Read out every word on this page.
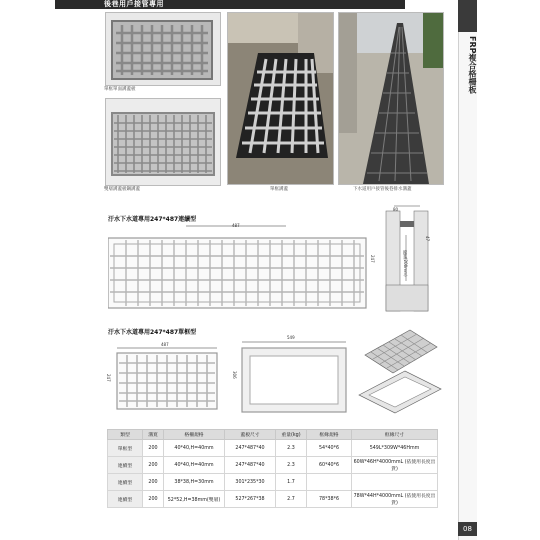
後巷用戶接管專用
FRP複合格柵板
08
單框單面溝蓋板
雙層溝蓋板鋼溝蓋	單框溝蓋	下水道用戶接管後巷排水溝蓋
汙水下水道專用247*487連續型
487
80
47
247	總寬(200mm)
汙水下水道專用247*487單框型
487
247
549
306
類型	溝寬	格柵規格	蓋板尺寸	重量(kg)	框緣規格	框緣尺寸
單框型	200	40*40,H=40mm	247*487*40	2.3	54*40*6	549L*309W*46Hmm
連續型	200	40*40,H=40mm	247*487*40	2.3	60*40*6	60W*46H*4000mmL (依使用長度出貨)
連續型	200	38*38,H=30mm	301*235*30	1.7		
連續型	200	52*52,H=38mm(雙層)	527*267*38	2.7	78*38*6	78W*44H*4000mmL (依使用長度出貨)
